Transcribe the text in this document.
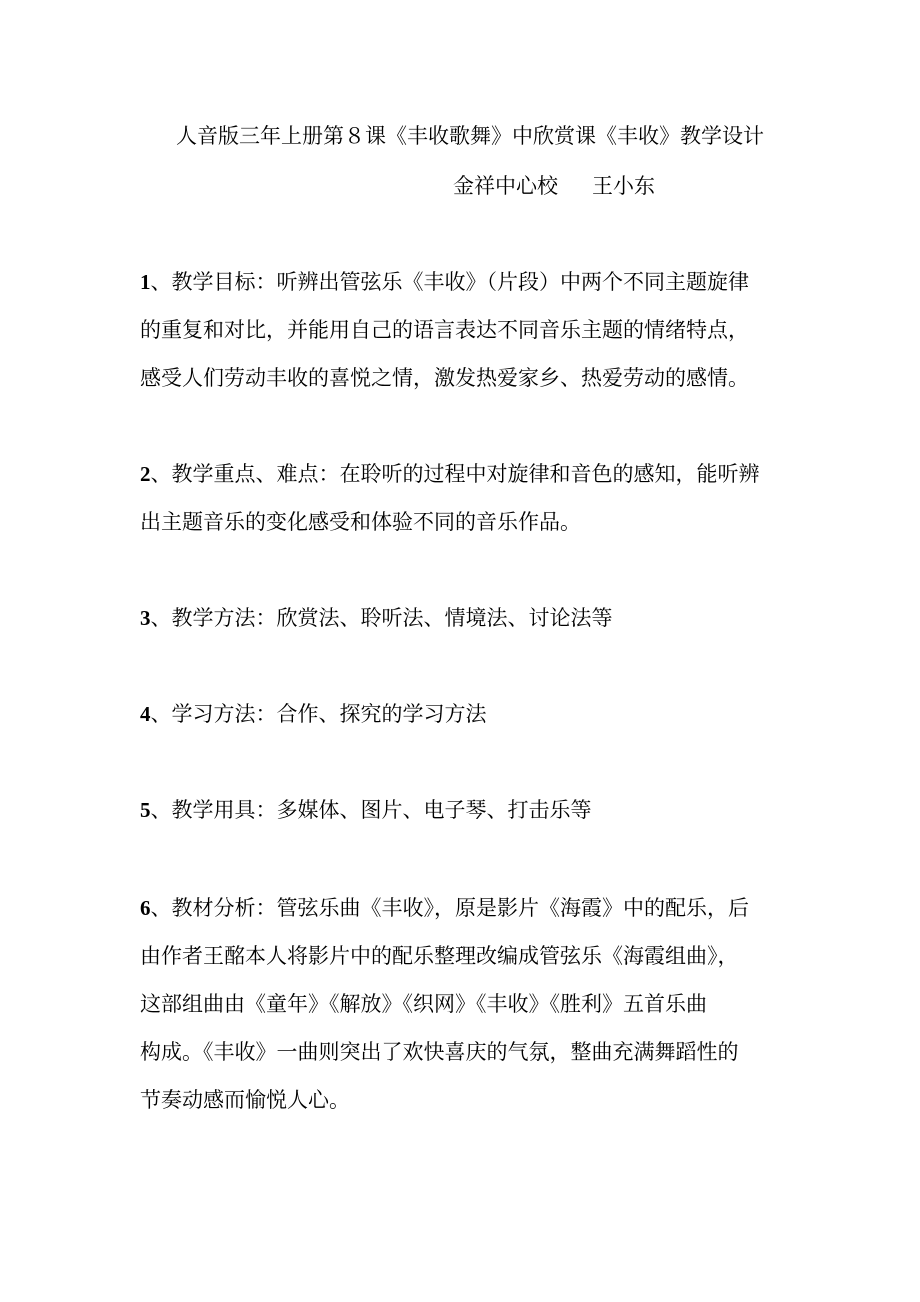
人音版三年上册第８课《丰收歌舞》中欣赏课《丰收》教学设计
金祥中心校 王小东
1、教学目标：听辨出管弦乐《丰收》（片段）中两个不同主题旋律
的重复和对比，并能用自己的语言表达不同音乐主题的情绪特点，
感受人们劳动丰收的喜悦之情，激发热爱家乡、热爱劳动的感情。
2、教学重点、难点：在聆听的过程中对旋律和音色的感知，能听辨
出主题音乐的变化感受和体验不同的音乐作品。
3、教学方法：欣赏法、聆听法、情境法、讨论法等
4、学习方法：合作、探究的学习方法
5、教学用具：多媒体、图片、电子琴、打击乐等
6、教材分析：管弦乐曲《丰收》，原是影片《海霞》中的配乐，后
由作者王酩本人将影片中的配乐整理改编成管弦乐《海霞组曲》，
这部组曲由《童年》《解放》《织网》《丰收》《胜利》五首乐曲
构成。《丰收》一曲则突出了欢快喜庆的气氛，整曲充满舞蹈性的
节奏动感而愉悦人心。
